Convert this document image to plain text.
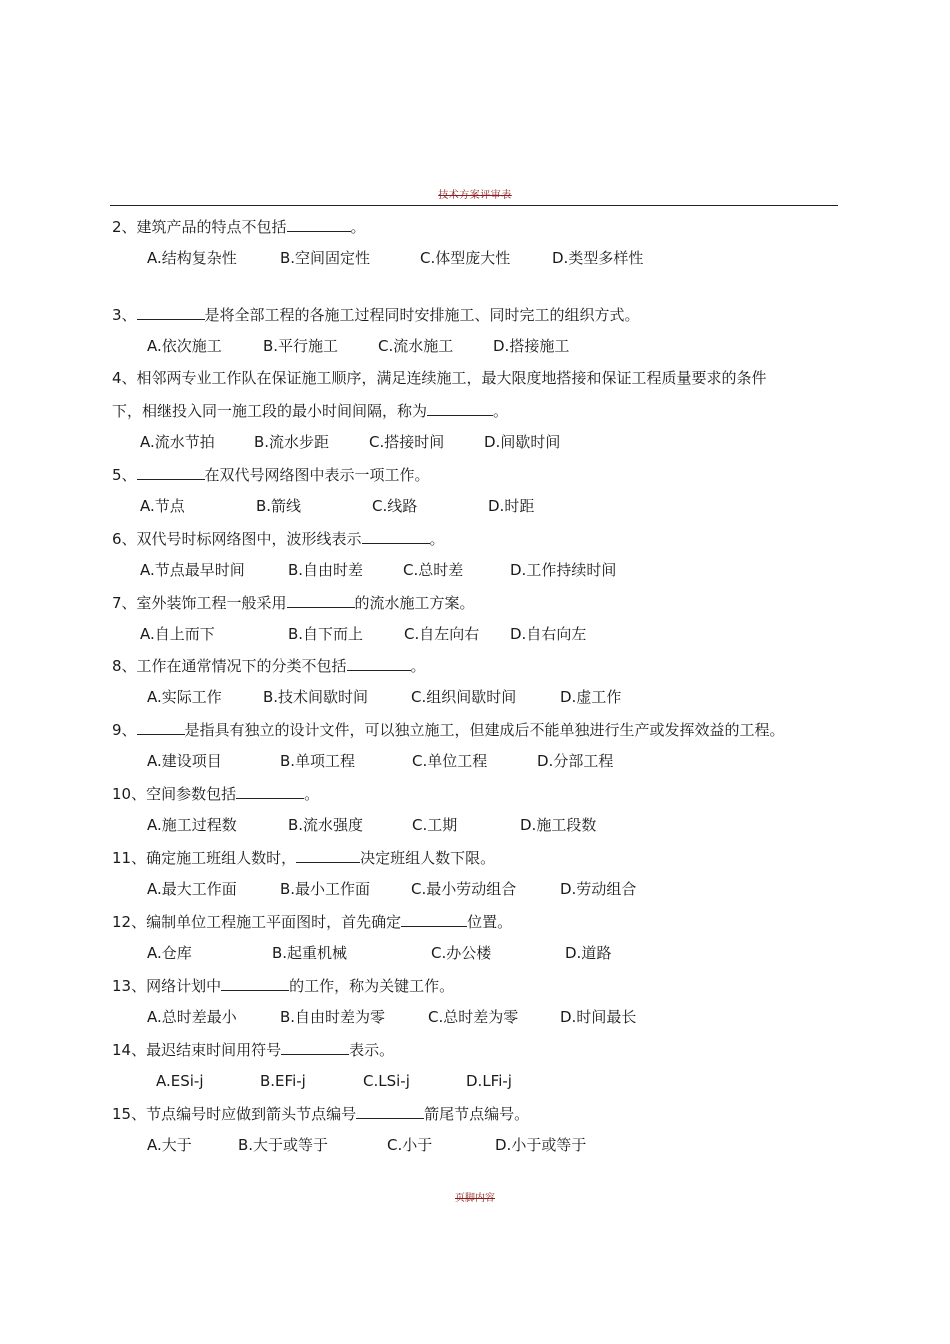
技术方案评审表
2、建筑产品的特点不包括	。
A.结构复杂性	B.空间固定性	C.体型庞大性	D.类型多样性
3、	是将全部工程的各施工过程同时安排施工、同时完工的组织方式。
A.依次施工	B.平行施工	C.流水施工	D.搭接施工
4、相邻两专业工作队在保证施工顺序，满足连续施工，最大限度地搭接和保证工程质量要求的条件
下，相继投入同一施工段的最小时间间隔，称为	。
A.流水节拍	B.流水步距	C.搭接时间	D.间歇时间
5、	在双代号网络图中表示一项工作。
A.节点	B.箭线	C.线路	D.时距
6、双代号时标网络图中，波形线表示	。
A.节点最早时间	B.自由时差	C.总时差	D.工作持续时间
7、室外装饰工程一般采用	的流水施工方案。
A.自上而下	B.自下而上	C.自左向右 D.自右向左
8、工作在通常情况下的分类不包括	。
A.实际工作	B.技术间歇时间	C.组织间歇时间	D.虚工作
9、	是指具有独立的设计文件，可以独立施工，但建成后不能单独进行生产或发挥效益的工程。
A.建设项目	B.单项工程	C.单位工程	D.分部工程
10、空间参数包括	。
A.施工过程数	B.流水强度	C.工期	D.施工段数
11、确定施工班组人数时，	决定班组人数下限。
A.最大工作面	B.最小工作面	C.最小劳动组合	D.劳动组合
12、编制单位工程施工平面图时，首先确定	位置。
A.仓库	B.起重机械	C.办公楼	D.道路
13、网络计划中	的工作，称为关键工作。
A.总时差最小	B.自由时差为零	C.总时差为零	D.时间最长
14、最迟结束时间用符号	表示。
A.ESi-j	B.EFi-j	C.LSi-j	D.LFi-j
15、节点编号时应做到箭头节点编号	箭尾节点编号。
A.大于	B.大于或等于	C.小于	D.小于或等于
页脚内容
